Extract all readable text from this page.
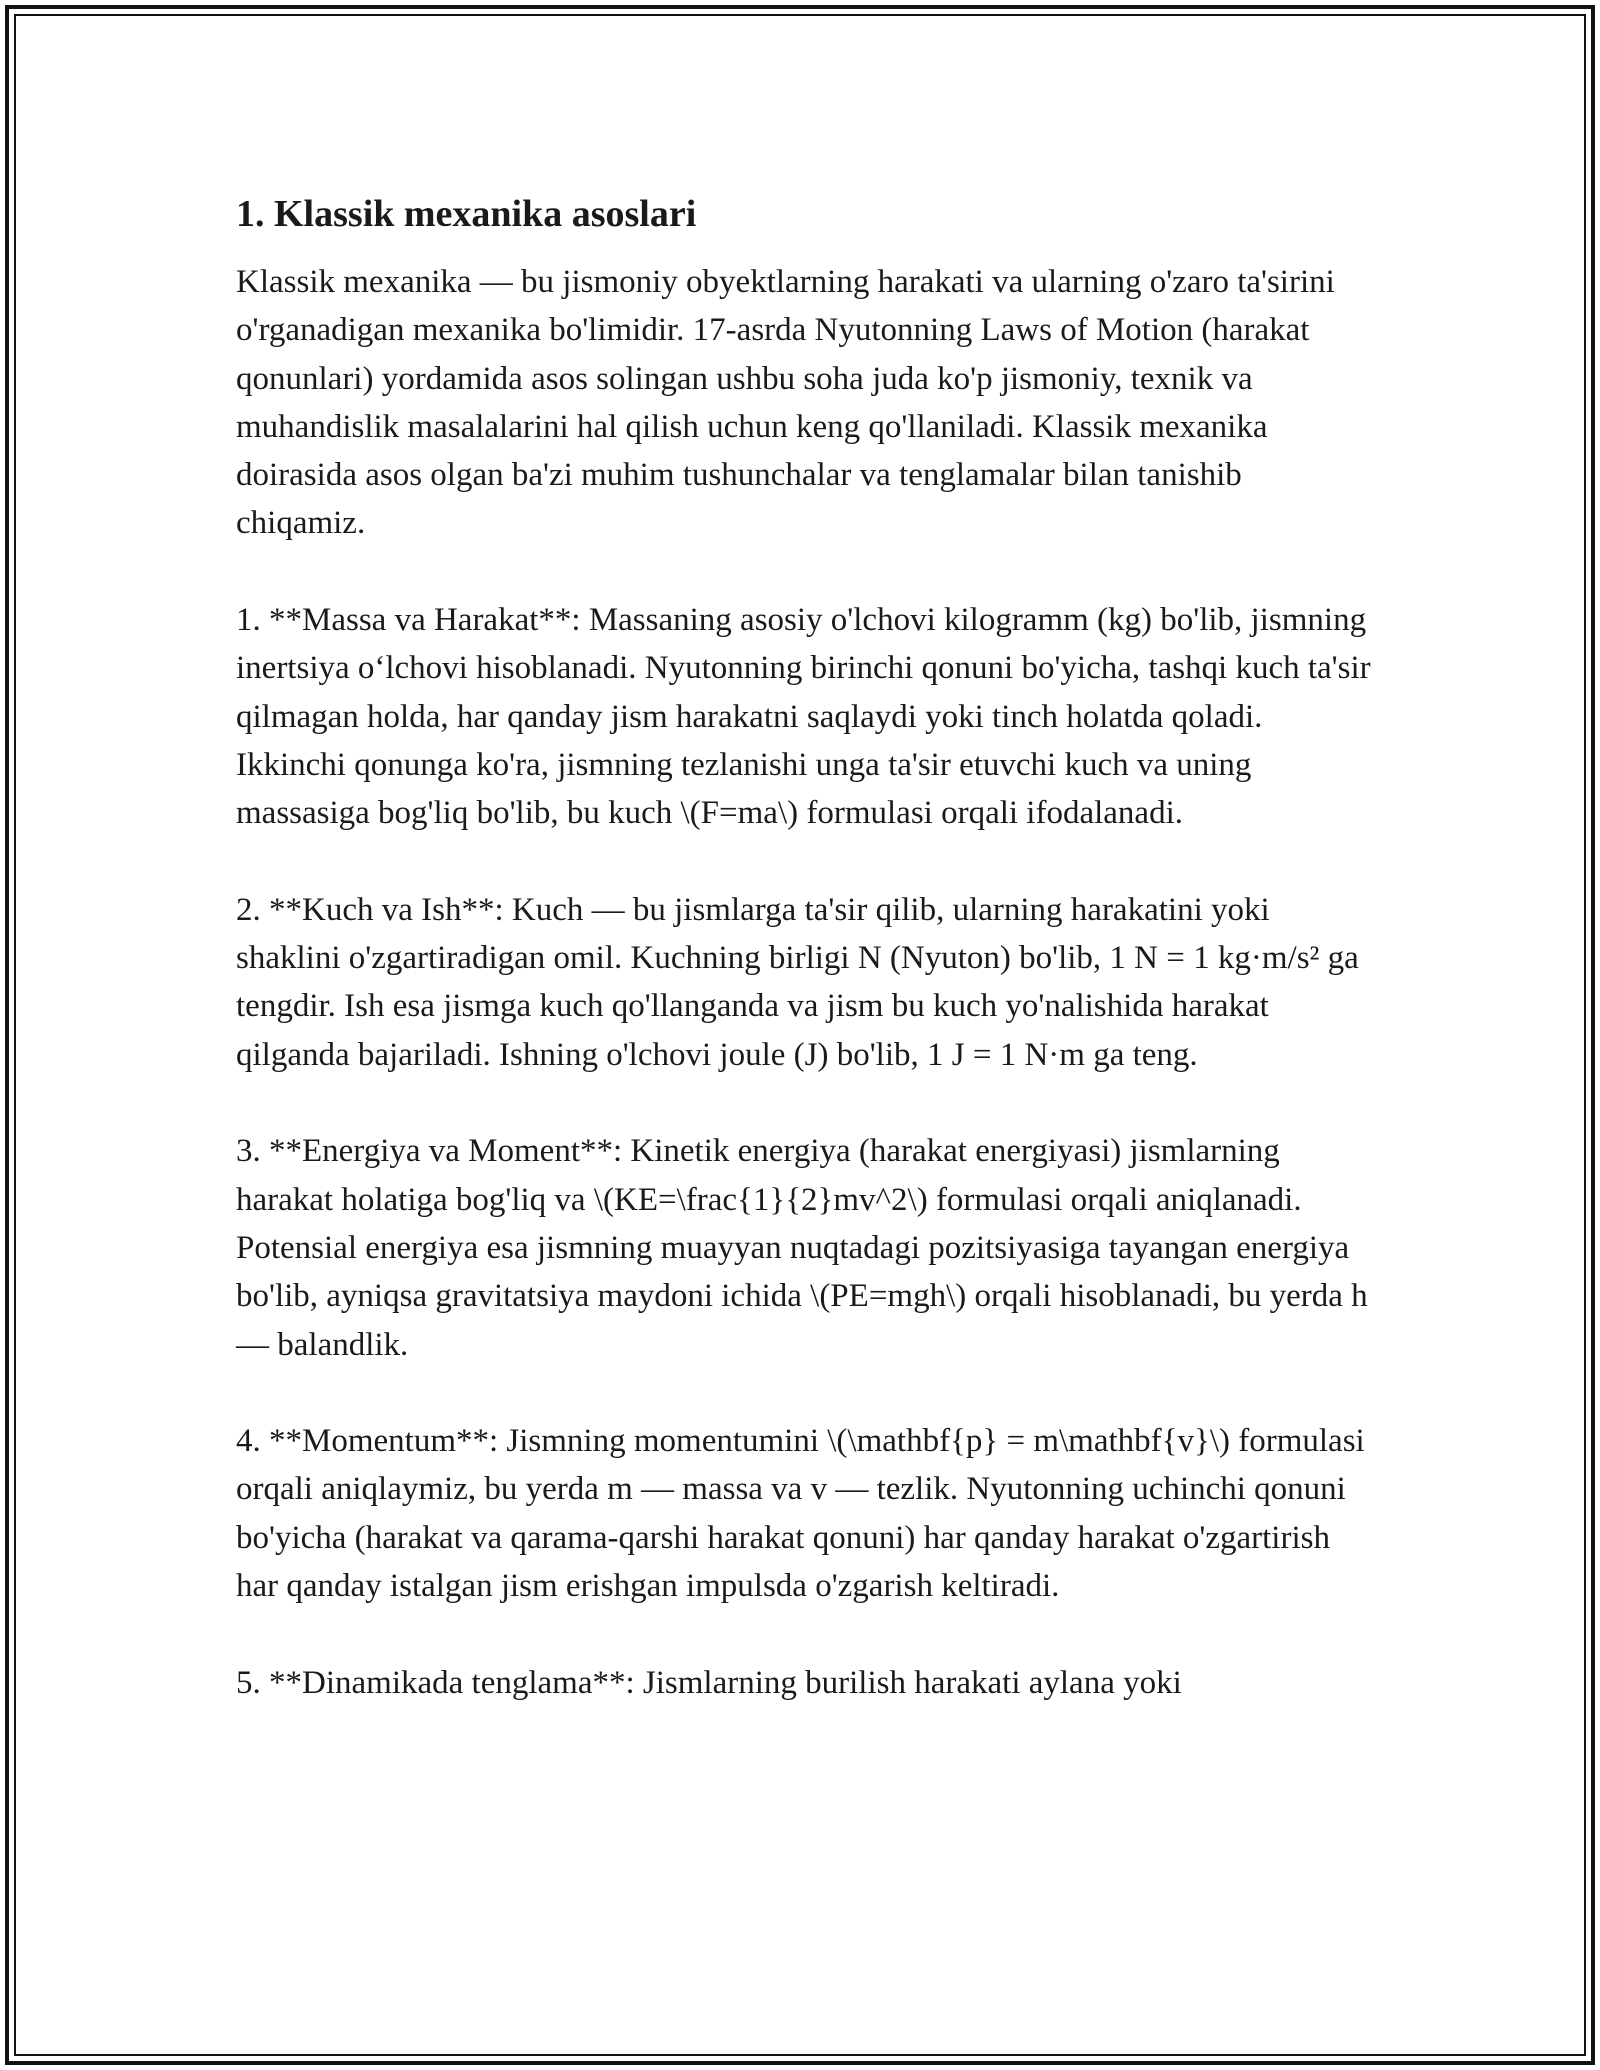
1. Klassik mexanika asoslari
Klassik mexanika — bu jismoniy obyektlarning harakati va ularning o'zaro ta'sirini o'rganadigan mexanika bo'limidir. 17-asrda Nyutonning Laws of Motion (harakat qonunlari) yordamida asos solingan ushbu soha juda ko'p jismoniy, texnik va muhandislik masalalarini hal qilish uchun keng qo'llaniladi. Klassik mexanika doirasida asos olgan ba'zi muhim tushunchalar va tenglamalar bilan tanishib chiqamiz.
1. **Massa va Harakat**: Massaning asosiy o'lchovi kilogramm (kg) bo'lib, jismning inertsiya o‘lchovi hisoblanadi. Nyutonning birinchi qonuni bo'yicha, tashqi kuch ta'sir qilmagan holda, har qanday jism harakatni saqlaydi yoki tinch holatda qoladi. Ikkinchi qonunga ko'ra, jismning tezlanishi unga ta'sir etuvchi kuch va uning massasiga bog'liq bo'lib, bu kuch \(F=ma\) formulasi orqali ifodalanadi.
2. **Kuch va Ish**: Kuch — bu jismlarga ta'sir qilib, ularning harakatini yoki shaklini o'zgartiradigan omil. Kuchning birligi N (Nyuton) bo'lib, 1 N = 1 kg·m/s² ga tengdir. Ish esa jismga kuch qo'llanganda va jism bu kuch yo'nalishida harakat qilganda bajariladi. Ishning o'lchovi joule (J) bo'lib, 1 J = 1 N·m ga teng.
3. **Energiya va Moment**: Kinetik energiya (harakat energiyasi) jismlarning harakat holatiga bog'liq va \(KE=\frac{1}{2}mv^2\) formulasi orqali aniqlanadi. Potensial energiya esa jismning muayyan nuqtadagi pozitsiyasiga tayangan energiya bo'lib, ayniqsa gravitatsiya maydoni ichida \(PE=mgh\) orqali hisoblanadi, bu yerda h — balandlik.
4. **Momentum**: Jismning momentumini \(\mathbf{p} = m\mathbf{v}\) formulasi orqali aniqlaymiz, bu yerda m — massa va v — tezlik. Nyutonning uchinchi qonuni bo'yicha (harakat va qarama-qarshi harakat qonuni) har qanday harakat o'zgartirish har qanday istalgan jism erishgan impulsda o'zgarish keltiradi.
5. **Dinamikada tenglama**: Jismlarning burilish harakati aylana yoki
